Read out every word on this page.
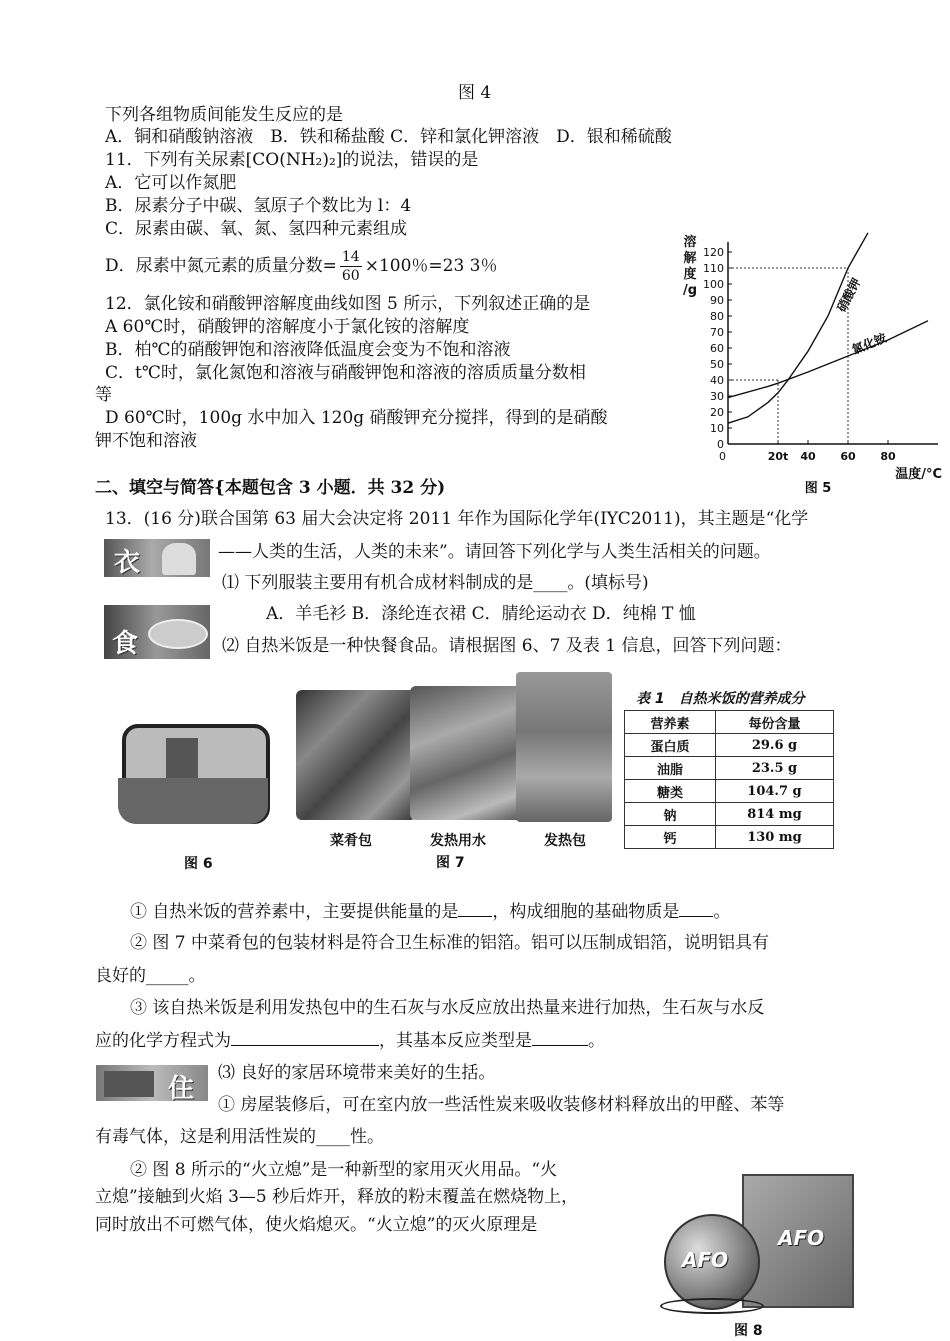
图 4
下列各组物质间能发生反应的是
A．铜和硝酸钠溶液　B．铁和稀盐酸 C．锌和氯化钾溶液　D．银和稀硫酸
11．下列有关尿素[CO(NH₂)₂]的说法，错误的是
A．它可以作氮肥
B．尿素分子中碳、氢原子个数比为 l：4
C．尿素由碳、氧、氮、氢四种元素组成
D．尿素中氮元素的质量分数= $\frac{14}{60} \times 100$％=23 3％
12．氯化铵和硝酸钾溶解度曲线如图 5 所示，下列叙述正确的是
A 60℃时，硝酸钾的溶解度小于氯化铵的溶解度
B．柏℃的硝酸钾饱和溶液降低温度会变为不饱和溶液
C．t℃时，氯化氮饱和溶液与硝酸钾饱和溶液的溶质质量分数相
等
D 60℃时，100g 水中加入 120g 硝酸钾充分搅拌，得到的是硝酸
钾不饱和溶液	0
10
20
30
40
50
60
70
80
90
100
110
120
20t 40 60 80
0
硝酸钾
氯化铵
溶
解
度
/g
温度/°C
图 5
二、填空与简答{本题包含 3 小题．共 32 分)
13．(16 分)联合国第 63 届大会决定将 2011 年作为国际化学年(IYC2011)，其主题是“化学
衣	——人类的生活，人类的未来”。请回答下列化学与人类生活相关的问题。
⑴ 下列服装主要用有机合成材料制成的是____。(填标号)
食
A．羊毛衫 B．涤纶连衣裙 C．腈纶运动衣 D．纯棉 T 恤
⑵ 自热米饭是一种快餐食品。请根据图 6、7 及表 1 信息，回答下列问题：
图 6
菜肴包	发热用水	发热包
图 7
表 1　自热米饭的营养成分
营养素	每份含量
蛋白质	29.6 g
油脂	23.5 g
糖类	104.7 g
钠	814 mg
钙	130 mg
① 自热米饭的营养素中，主要提供能量的是 ，构成细胞的基础物质是 。
② 图 7 中菜肴包的包装材料是符合卫生标准的铝箔。铝可以压制成铝箔，说明铝具有
良好的_____。
③ 该自热米饭是利用发热包中的生石灰与水反应放出热量来进行加热，生石灰与水反
应的化学方程式为	，其基本反应类型是	。
住
⑶ 良好的家居环境带来美好的生括。
① 房屋装修后，可在室内放一些活性炭来吸收装修材料释放出的甲醛、苯等
有毒气体，这是利用活性炭的____性。
② 图 8 所示的“火立熄”是一种新型的家用灭火用品。“火
立熄”接触到火焰 3—5 秒后炸开，释放的粉末覆盖在燃烧物上，
同时放出不可燃气体，使火焰熄灭。“火立熄”的灭火原理是
AFO
AFO
图 8
